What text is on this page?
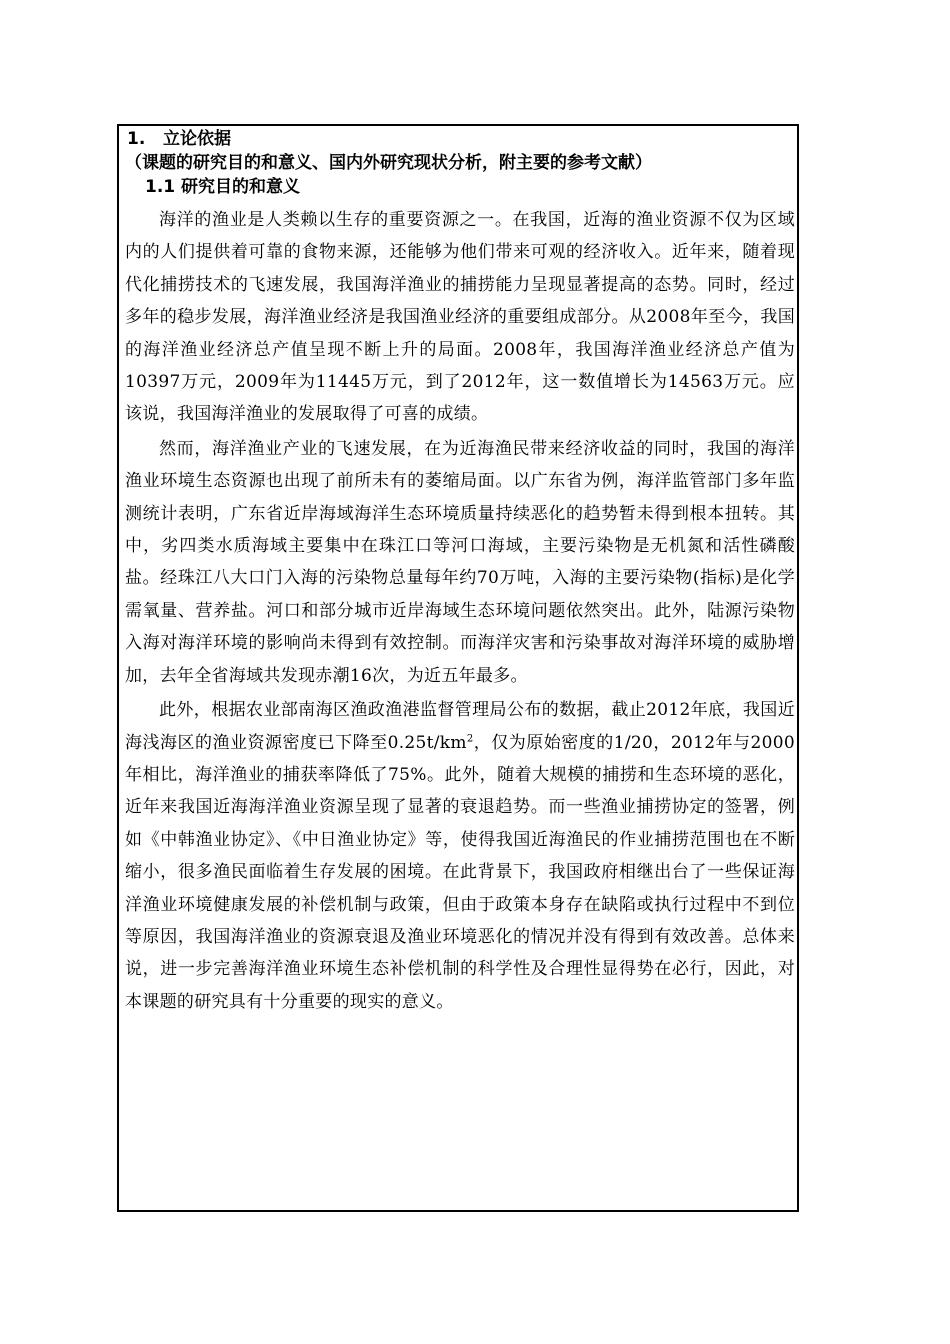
1. 立论依据

（课题的研究目的和意义、国内外研究现状分析，附主要的参考文献）

1.1 研究目的和意义

海洋的渔业是人类赖以生存的重要资源之一。在我国，近海的渔业资源不仅为区域内的人们提供着可靠的食物来源，还能够为他们带来可观的经济收入。近年来，随着现代化捕捞技术的飞速发展，我国海洋渔业的捕捞能力呈现显著提高的态势。同时，经过多年的稳步发展，海洋渔业经济是我国渔业经济的重要组成部分。从2008年至今，我国的海洋渔业经济总产值呈现不断上升的局面。2008年，我国海洋渔业经济总产值为10397万元，2009年为11445万元，到了2012年，这一数值增长为14563万元。应该说，我国海洋渔业的发展取得了可喜的成绩。

然而，海洋渔业产业的飞速发展，在为近海渔民带来经济收益的同时，我国的海洋渔业环境生态资源也出现了前所未有的萎缩局面。以广东省为例，海洋监管部门多年监测统计表明，广东省近岸海域海洋生态环境质量持续恶化的趋势暂未得到根本扭转。其中，劣四类水质海域主要集中在珠江口等河口海域，主要污染物是无机氮和活性磷酸盐。经珠江八大口门入海的污染物总量每年约70万吨，入海的主要污染物(指标)是化学需氧量、营养盐。河口和部分城市近岸海域生态环境问题依然突出。此外，陆源污染物入海对海洋环境的影响尚未得到有效控制。而海洋灾害和污染事故对海洋环境的威胁增加，去年全省海域共发现赤潮16次，为近五年最多。

此外，根据农业部南海区渔政渔港监督管理局公布的数据，截止2012年底，我国近海浅海区的渔业资源密度已下降至$0.25t/km^2$，仅为原始密度的1/20，2012年与2000年相比，海洋渔业的捕获率降低了75%。此外，随着大规模的捕捞和生态环境的恶化，近年来我国近海海洋渔业资源呈现了显著的衰退趋势。而一些渔业捕捞协定的签署，例如《中韩渔业协定》、《中日渔业协定》等，使得我国近海渔民的作业捕捞范围也在不断缩小，很多渔民面临着生存发展的困境。在此背景下，我国政府相继出台了一些保证海洋渔业环境健康发展的补偿机制与政策，但由于政策本身存在缺陷或执行过程中不到位等原因，我国海洋渔业的资源衰退及渔业环境恶化的情况并没有得到有效改善。总体来说，进一步完善海洋渔业环境生态补偿机制的科学性及合理性显得势在必行，因此，对本课题的研究具有十分重要的现实的意义。
